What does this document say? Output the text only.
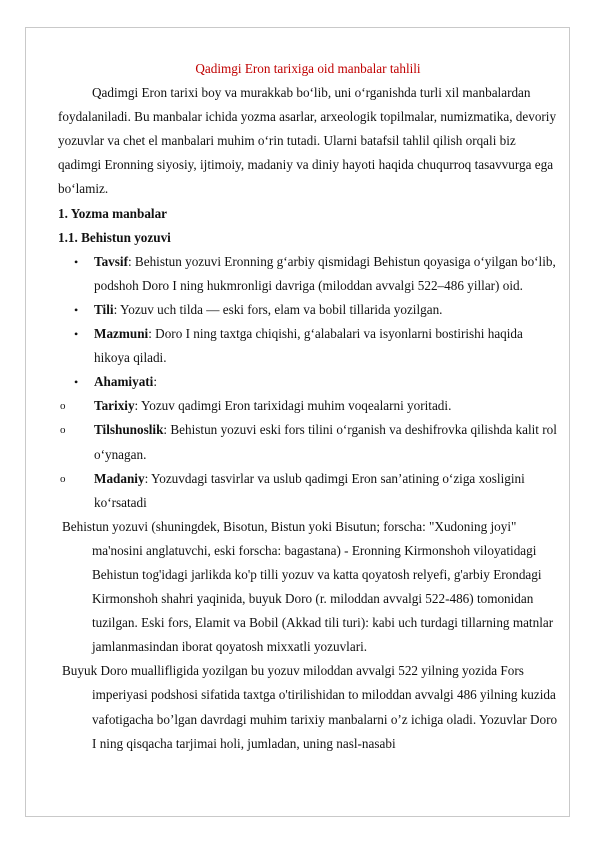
Qadimgi Eron tarixiga oid manbalar tahlili

Qadimgi Eron tarixi boy va murakkab bo‘lib, uni o‘rganishda turli xil manbalardan foydalaniladi. Bu manbalar ichida yozma asarlar, arxeologik topilmalar, numizmatika, devoriy yozuvlar va chet el manbalari muhim o‘rin tutadi. Ularni batafsil tahlil qilish orqali biz qadimgi Eronning siyosiy, ijtimoiy, madaniy va diniy hayoti haqida chuqurroq tasavvurga ega bo‘lamiz.

1. Yozma manbalar

1.1. Behistun yozuvi

• Tavsif: Behistun yozuvi Eronning g‘arbiy qismidagi Behistun qoyasiga o‘yilgan bo‘lib, podshoh Doro I ning hukmronligi davriga (miloddan avvalgi 522–486 yillar) oid.
• Tili: Yozuv uch tilda — eski fors, elam va bobil tillarida yozilgan.
• Mazmuni: Doro I ning taxtga chiqishi, g‘alabalari va isyonlarni bostirishi haqida hikoya qiladi.
• Ahamiyati:
o Tarixiy: Yozuv qadimgi Eron tarixidagi muhim voqealarni yoritadi.
o Tilshunoslik: Behistun yozuvi eski fors tilini o‘rganish va deshifrovka qilishda kalit rol o‘ynagan.
o Madaniy: Yozuvdagi tasvirlar va uslub qadimgi Eron san’atining o‘ziga xosligini ko‘rsatadi

Behistun yozuvi (shuningdek, Bisotun, Bistun yoki Bisutun; forscha: "Xudoning joyi" ma'nosini anglatuvchi, eski forscha: bagastana) - Eronning Kirmonshoh viloyatidagi Behistun tog'idagi jarlikda ko'p tilli yozuv va katta qoyatosh relyefi, g'arbiy Erondagi Kirmonshoh shahri yaqinida, buyuk Doro (r. miloddan avvalgi 522-486) tomonidan tuzilgan. Eski fors, Elamit va Bobil (Akkad tili turi): kabi uch turdagi tillarning matnlar jamlanmasindan iborat qoyatosh mixxatli yozuvlari.

Buyuk Doro muallifligida yozilgan bu yozuv miloddan avvalgi 522 yilning yozida Fors imperiyasi podshosi sifatida taxtga o'tirilishidan to miloddan avvalgi 486 yilning kuzida vafotigacha bo’lgan davrdagi muhim tarixiy manbalarni o’z ichiga oladi. Yozuvlar Doro I ning qisqacha tarjimai holi, jumladan, uning nasl-nasabi
